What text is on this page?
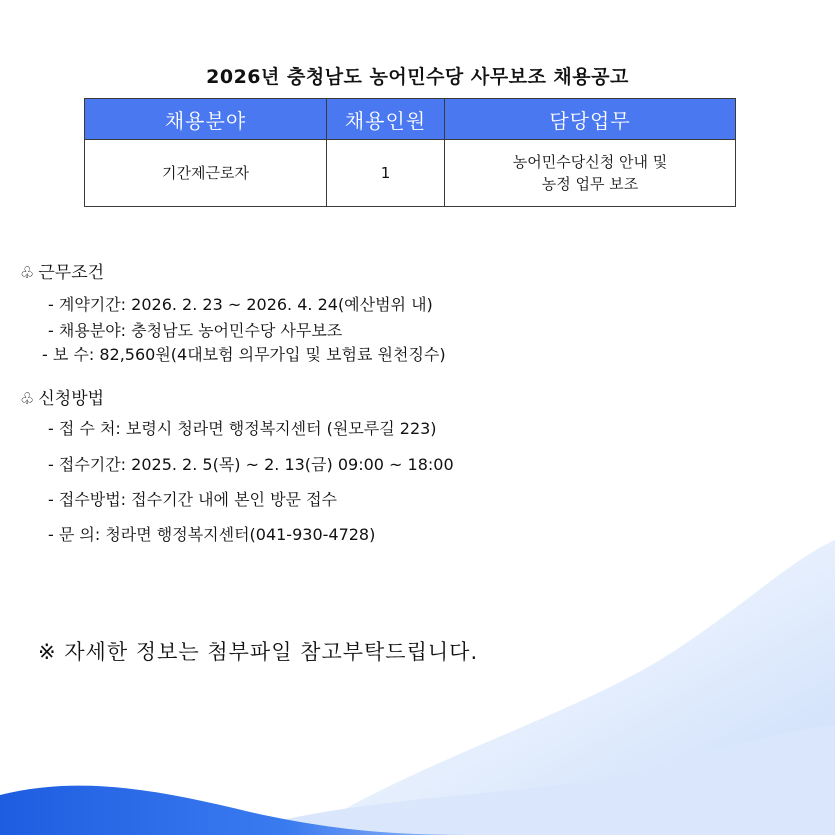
2026년 충청남도 농어민수당 사무보조 채용공고
채용분야	채용인원	담당업무
기간제근로자	1	농어민수당신청 안내 및
농정 업무 보조
♧ 근무조건
- 계약기간: 2026. 2. 23 ~ 2026. 4. 24(예산범위 내)
- 채용분야: 충청남도 농어민수당 사무보조
- 보 수: 82,560원(4대보험 의무가입 및 보험료 원천징수)
♧ 신청방법
- 접 수 처: 보령시 청라면 행정복지센터 (원모루길 223)
- 접수기간: 2025. 2. 5(목) ~ 2. 13(금) 09:00 ~ 18:00
- 접수방법: 접수기간 내에 본인 방문 접수
- 문 의: 청라면 행정복지센터(041-930-4728)
※ 자세한 정보는 첨부파일 참고부탁드립니다.
